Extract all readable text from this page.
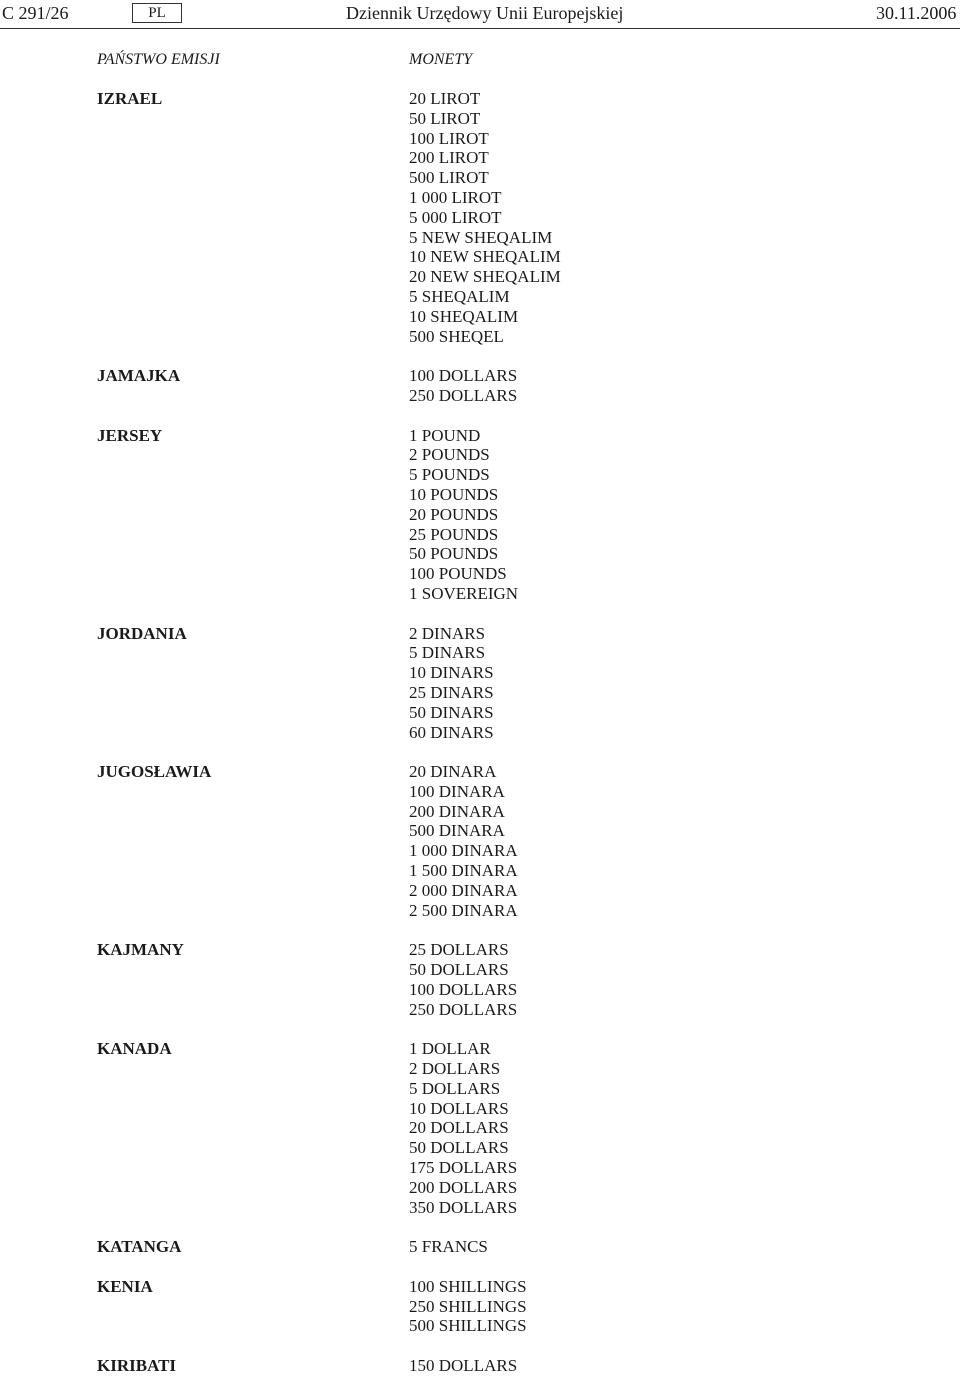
C 291/26	PL	Dziennik Urzędowy Unii Europejskiej	30.11.2006
PAŃSTWO EMISJI	MONETY
IZRAEL	20 LIROT
50 LIROT
100 LIROT
200 LIROT
500 LIROT
1 000 LIROT
5 000 LIROT
5 NEW SHEQALIM
10 NEW SHEQALIM
20 NEW SHEQALIM
5 SHEQALIM
10 SHEQALIM
500 SHEQEL
JAMAJKA	100 DOLLARS
250 DOLLARS
JERSEY	1 POUND
2 POUNDS
5 POUNDS
10 POUNDS
20 POUNDS
25 POUNDS
50 POUNDS
100 POUNDS
1 SOVEREIGN
JORDANIA	2 DINARS
5 DINARS
10 DINARS
25 DINARS
50 DINARS
60 DINARS
JUGOSŁAWIA	20 DINARA
100 DINARA
200 DINARA
500 DINARA
1 000 DINARA
1 500 DINARA
2 000 DINARA
2 500 DINARA
KAJMANY	25 DOLLARS
50 DOLLARS
100 DOLLARS
250 DOLLARS
KANADA	1 DOLLAR
2 DOLLARS
5 DOLLARS
10 DOLLARS
20 DOLLARS
50 DOLLARS
175 DOLLARS
200 DOLLARS
350 DOLLARS
KATANGA	5 FRANCS
KENIA	100 SHILLINGS
250 SHILLINGS
500 SHILLINGS
KIRIBATI	150 DOLLARS
